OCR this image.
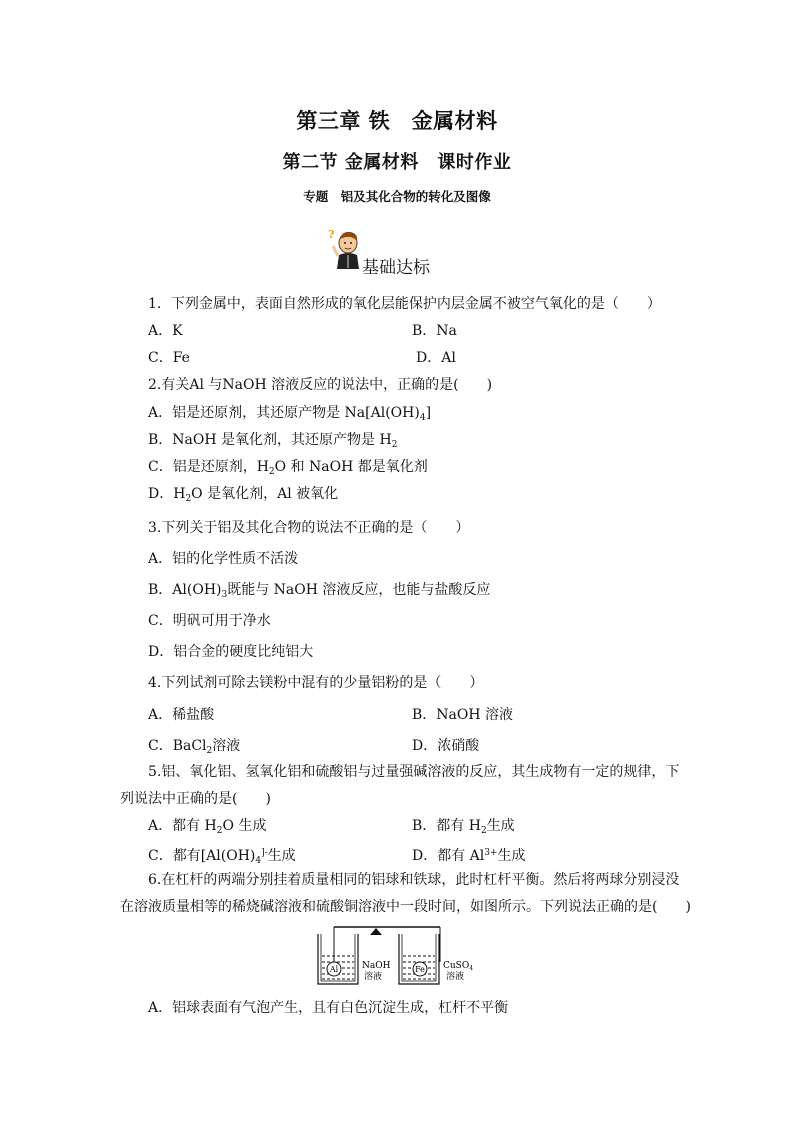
第三章 铁　金属材料
第二节 金属材料　课时作业
专题　铝及其化合物的转化及图像
?
基础达标
1．下列金属中，表面自然形成的氧化层能保护内层金属不被空气氧化的是（　　）
A．K	B．Na
C．Fe	D．Al
2.有关Al 与NaOH 溶液反应的说法中，正确的是(　　)
A．铝是还原剂，其还原产物是 $Na[Al(OH)_4]$
B．NaOH 是氧化剂，其还原产物是 $H_2$
C．铝是还原剂，$H_2O$ 和 NaOH 都是氧化剂
D．$H_2O$ 是氧化剂，Al 被氧化
3.下列关于铝及其化合物的说法不正确的是（　　）
A．铝的化学性质不活泼
B．$Al(OH)_3$既能与 NaOH 溶液反应，也能与盐酸反应
C．明矾可用于净水
D．铝合金的硬度比纯铝大
4.下列试剂可除去镁粉中混有的少量铝粉的是（　　）
A．稀盐酸	B．NaOH 溶液
C．BaCl$_2$溶液	D．浓硝酸
5.铝、氧化铝、氢氧化铝和硫酸铝与过量强碱溶液的反应，其生成物有一定的规律，下
列说法中正确的是(　　)
A．都有 $H_2O$ 生成	B．都有 $H_2$生成
C．都有[$Al(OH)_4^{]-}$生成	D．都有 $Al^{3+}$生成
6.在杠杆的两端分别挂着质量相同的铝球和铁球，此时杠杆平衡。然后将两球分别浸没
在溶液质量相等的稀烧碱溶液和硫酸铜溶液中一段时间，如图所示。下列说法正确的是(　　)
Al	NaOH
溶液
Fe CuSO$_4$
溶液
A．铝球表面有气泡产生，且有白色沉淀生成，杠杆不平衡
